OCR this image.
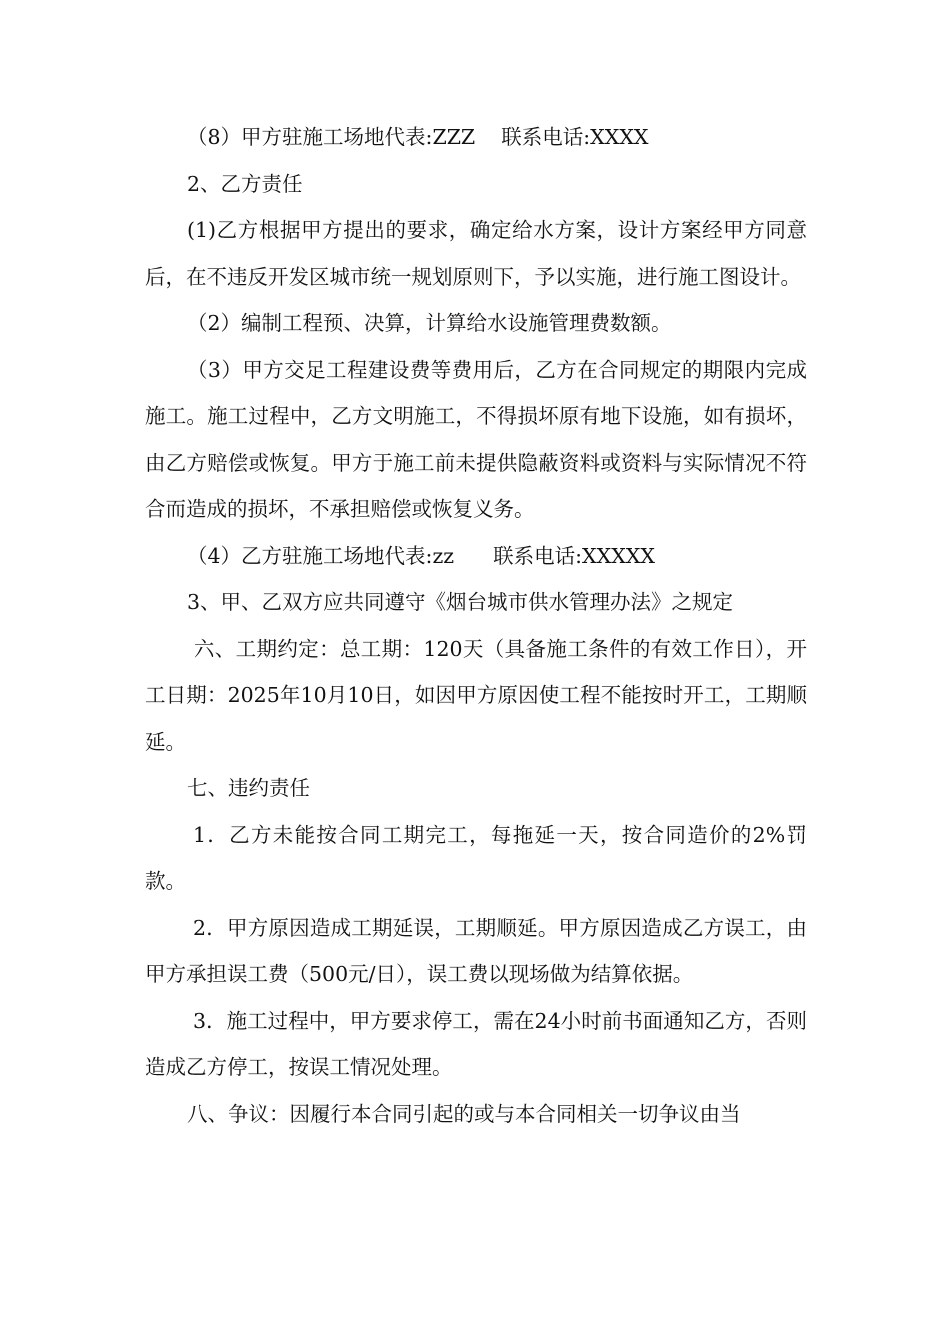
（8）甲方驻施工场地代表:ZZZ    联系电话:XXXX

2、乙方责任

(1)乙方根据甲方提出的要求，确定给水方案，设计方案经甲方同意后，在不违反开发区城市统一规划原则下，予以实施，进行施工图设计。

（2）编制工程预、决算，计算给水设施管理费数额。

（3）甲方交足工程建设费等费用后，乙方在合同规定的期限内完成施工。施工过程中，乙方文明施工，不得损坏原有地下设施，如有损坏，由乙方赔偿或恢复。甲方于施工前未提供隐蔽资料或资料与实际情况不符合而造成的损坏，不承担赔偿或恢复义务。

（4）乙方驻施工场地代表:zz      联系电话:XXXXX

3、甲、乙双方应共同遵守《烟台城市供水管理办法》之规定

六、工期约定：总工期：120天（具备施工条件的有效工作日），开工日期：2025年10月10日，如因甲方原因使工程不能按时开工，工期顺延。

七、违约责任

1．乙方未能按合同工期完工，每拖延一天，按合同造价的2%罚款。

2．甲方原因造成工期延误，工期顺延。甲方原因造成乙方误工，由甲方承担误工费（500元/日），误工费以现场做为结算依据。

3．施工过程中，甲方要求停工，需在24小时前书面通知乙方，否则造成乙方停工，按误工情况处理。

八、争议：因履行本合同引起的或与本合同相关一切争议由当
